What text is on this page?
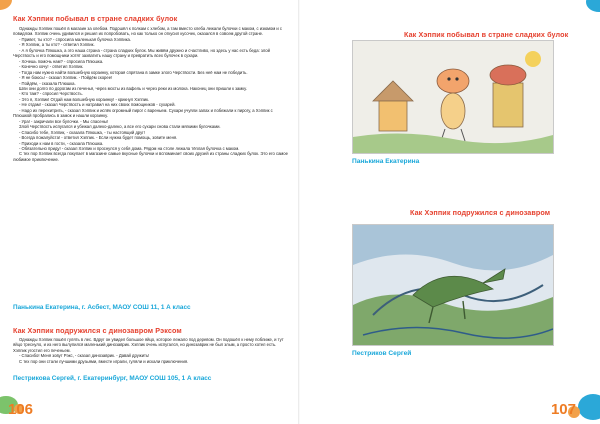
Как Хэппик побывал в стране сладких булок

Однажды Хэппик пошёл в магазин за хлебом. Подошёл к полкам с хлебом, а там вместо хлеба лежали булочки с маком, с изюмом и с повидлом. Хэппик очень удивился и решил их попробовать, но как только он откусил кусочек, оказался в совсем другой стране.

- Привет, ты кто? - спросила маленькая булочка Хэппика.

- Я Хэппик, а ты кто? - ответил Хэппик.

- А я булочка Плюшка, а это наша страна - страна сладких булок. Мы живём дружно и счастливо, но здесь у нас есть беда: злой Черствость и его помощники хотят захватить нашу страну и превратить всех булочек в сухари.

- Хочешь помочь нам? - спросила Плюшка.

- Конечно хочу! - ответил Хэппик.

- Тогда нам нужно найти волшебную корзинку, которая спрятана в замке злого Черствости. Без неё нам не победить.

- Я не боюсь! - сказал Хэппик. - Пойдём скорее!

- Пойдём, - сказала Плюшка.

Шли они долго по дорогам из печенья, через мосты из вафель и через реки из молока. Наконец они пришли к замку.

- Кто там? - спросил Черствость.

- Это я, Хэппик! Отдай нам волшебную корзинку! - крикнул Хэппик.

- Не отдам! - сказал Черствость и натравил на них своих помощников - сухарей.

- Надо их перехитрить, - сказал Хэппик и испёк огромный пирог с вареньем. Сухари учуяли запах и побежали к пирогу, а Хэппик с Плюшкой пробрались в замок и нашли корзинку.

- Ура! - закричали все булочки. - Мы спасены!

Злой Черствость испугался и убежал далеко-далеко, а все его сухари снова стали мягкими булочками.

- Спасибо тебе, Хэппик, - сказала Плюшка, - ты настоящий друг!

- Всегда пожалуйста! - ответил Хэппик. - Если нужна будет помощь, зовите меня.

- Приходи к нам в гости, - сказала Плюшка.

- Обязательно приду! - сказал Хэппик и проснулся у себя дома. Рядом на столе лежала тёплая булочка с маком.

С тех пор Хэппик всегда покупает в магазине самые вкусные булочки и вспоминает своих друзей из страны сладких булок. Это его самое любимое приключение.

Панькина Екатерина, г. Асбест, МАОУ СОШ 11, 1 А класс
Как Хэппик подружился с динозавром Рэксом

Однажды Хэппик пошёл гулять в лес. Вдруг он увидел большое яйцо, которое лежало под деревом. Он подошёл к нему поближе, и тут яйцо треснуло, и из него вылупился маленький динозаврик. Хэппик очень испугался, но динозаврик не был злым, а просто хотел есть. Хэппик угостил его печеньем.

- Спасибо! Меня зовут Рэкс, - сказал динозаврик. - Давай дружить!

С тех пор они стали лучшими друзьями, вместе играли, гуляли и искали приключения.

Пестрикова Сергей, г. Екатеринбург, МАОУ СОШ 105, 1 А класс
106
Как Хэппик побывал в стране сладких булок
Панькина Екатерина
Как Хэппик подружился с динозавром
Пестриков Сергей
107
